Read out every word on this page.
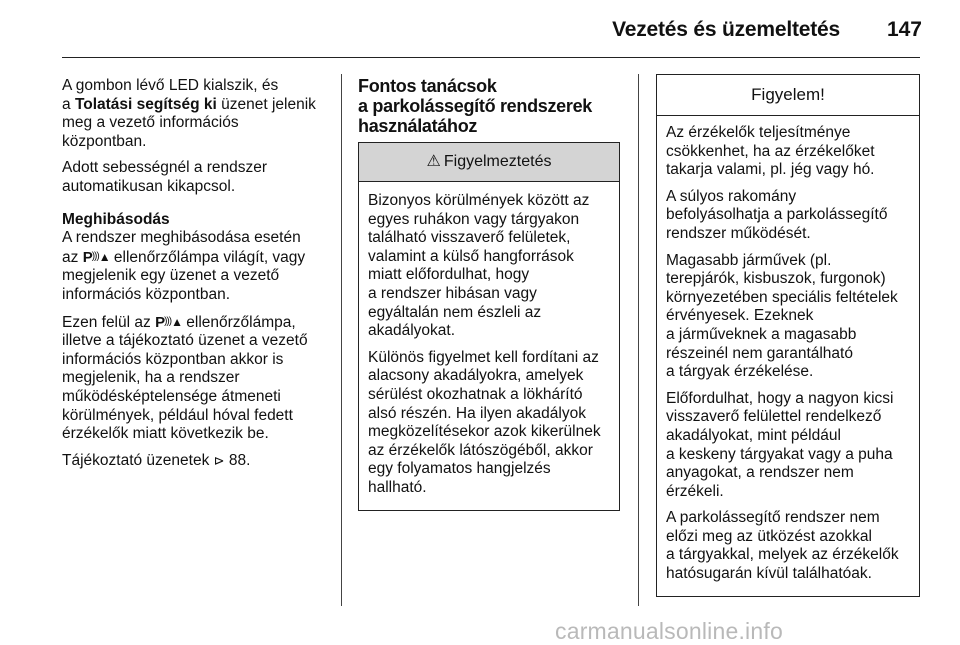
Vezetés és üzemeltetés 147

A gombon lévő LED kialszik, és
a Tolatási segítség ki üzenet jelenik
meg a vezető információs
központban.

Adott sebességnél a rendszer
automatikusan kikapcsol.

Meghibásodás

A rendszer meghibásodása esetén
az P)))▲ ellenőrzőlámpa világít, vagy
megjelenik egy üzenet a vezető
információs központban.

Ezen felül az P)))▲ ellenőrzőlámpa,
illetve a tájékoztató üzenet a vezető
információs központban akkor is
megjelenik, ha a rendszer
működésképtelensége átmeneti
körülmények, például hóval fedett
érzékelők miatt következik be.

Tájékoztató üzenetek ⊳ 88.

Fontos tanácsok
a parkolássegítő rendszerek
használatához
⚠ Figyelmeztetés

Bizonyos körülmények között az
egyes ruhákon vagy tárgyakon
található visszaverő felületek,
valamint a külső hangforrások
miatt előfordulhat, hogy
a rendszer hibásan vagy
egyáltalán nem észleli az
akadályokat.

Különös figyelmet kell fordítani az
alacsony akadályokra, amelyek
sérülést okozhatnak a lökhárító
alsó részén. Ha ilyen akadályok
megközelítésekor azok kikerülnek
az érzékelők látószögéből, akkor
egy folyamatos hangjelzés
hallható.

Figyelem!

Az érzékelők teljesítménye
csökkenhet, ha az érzékelőket
takarja valami, pl. jég vagy hó.

A súlyos rakomány
befolyásolhatja a parkolássegítő
rendszer működését.

Magasabb járművek (pl.
terepjárók, kisbuszok, furgonok)
környezetében speciális feltételek
érvényesek. Ezeknek
a járműveknek a magasabb
részeinél nem garantálható
a tárgyak érzékelése.

Előfordulhat, hogy a nagyon kicsi
visszaverő felülettel rendelkező
akadályokat, mint például
a keskeny tárgyakat vagy a puha
anyagokat, a rendszer nem
érzékeli.

A parkolássegítő rendszer nem
előzi meg az ütközést azokkal
a tárgyakkal, melyek az érzékelők
hatósugarán kívül találhatóak.

carmanualsonline.info
